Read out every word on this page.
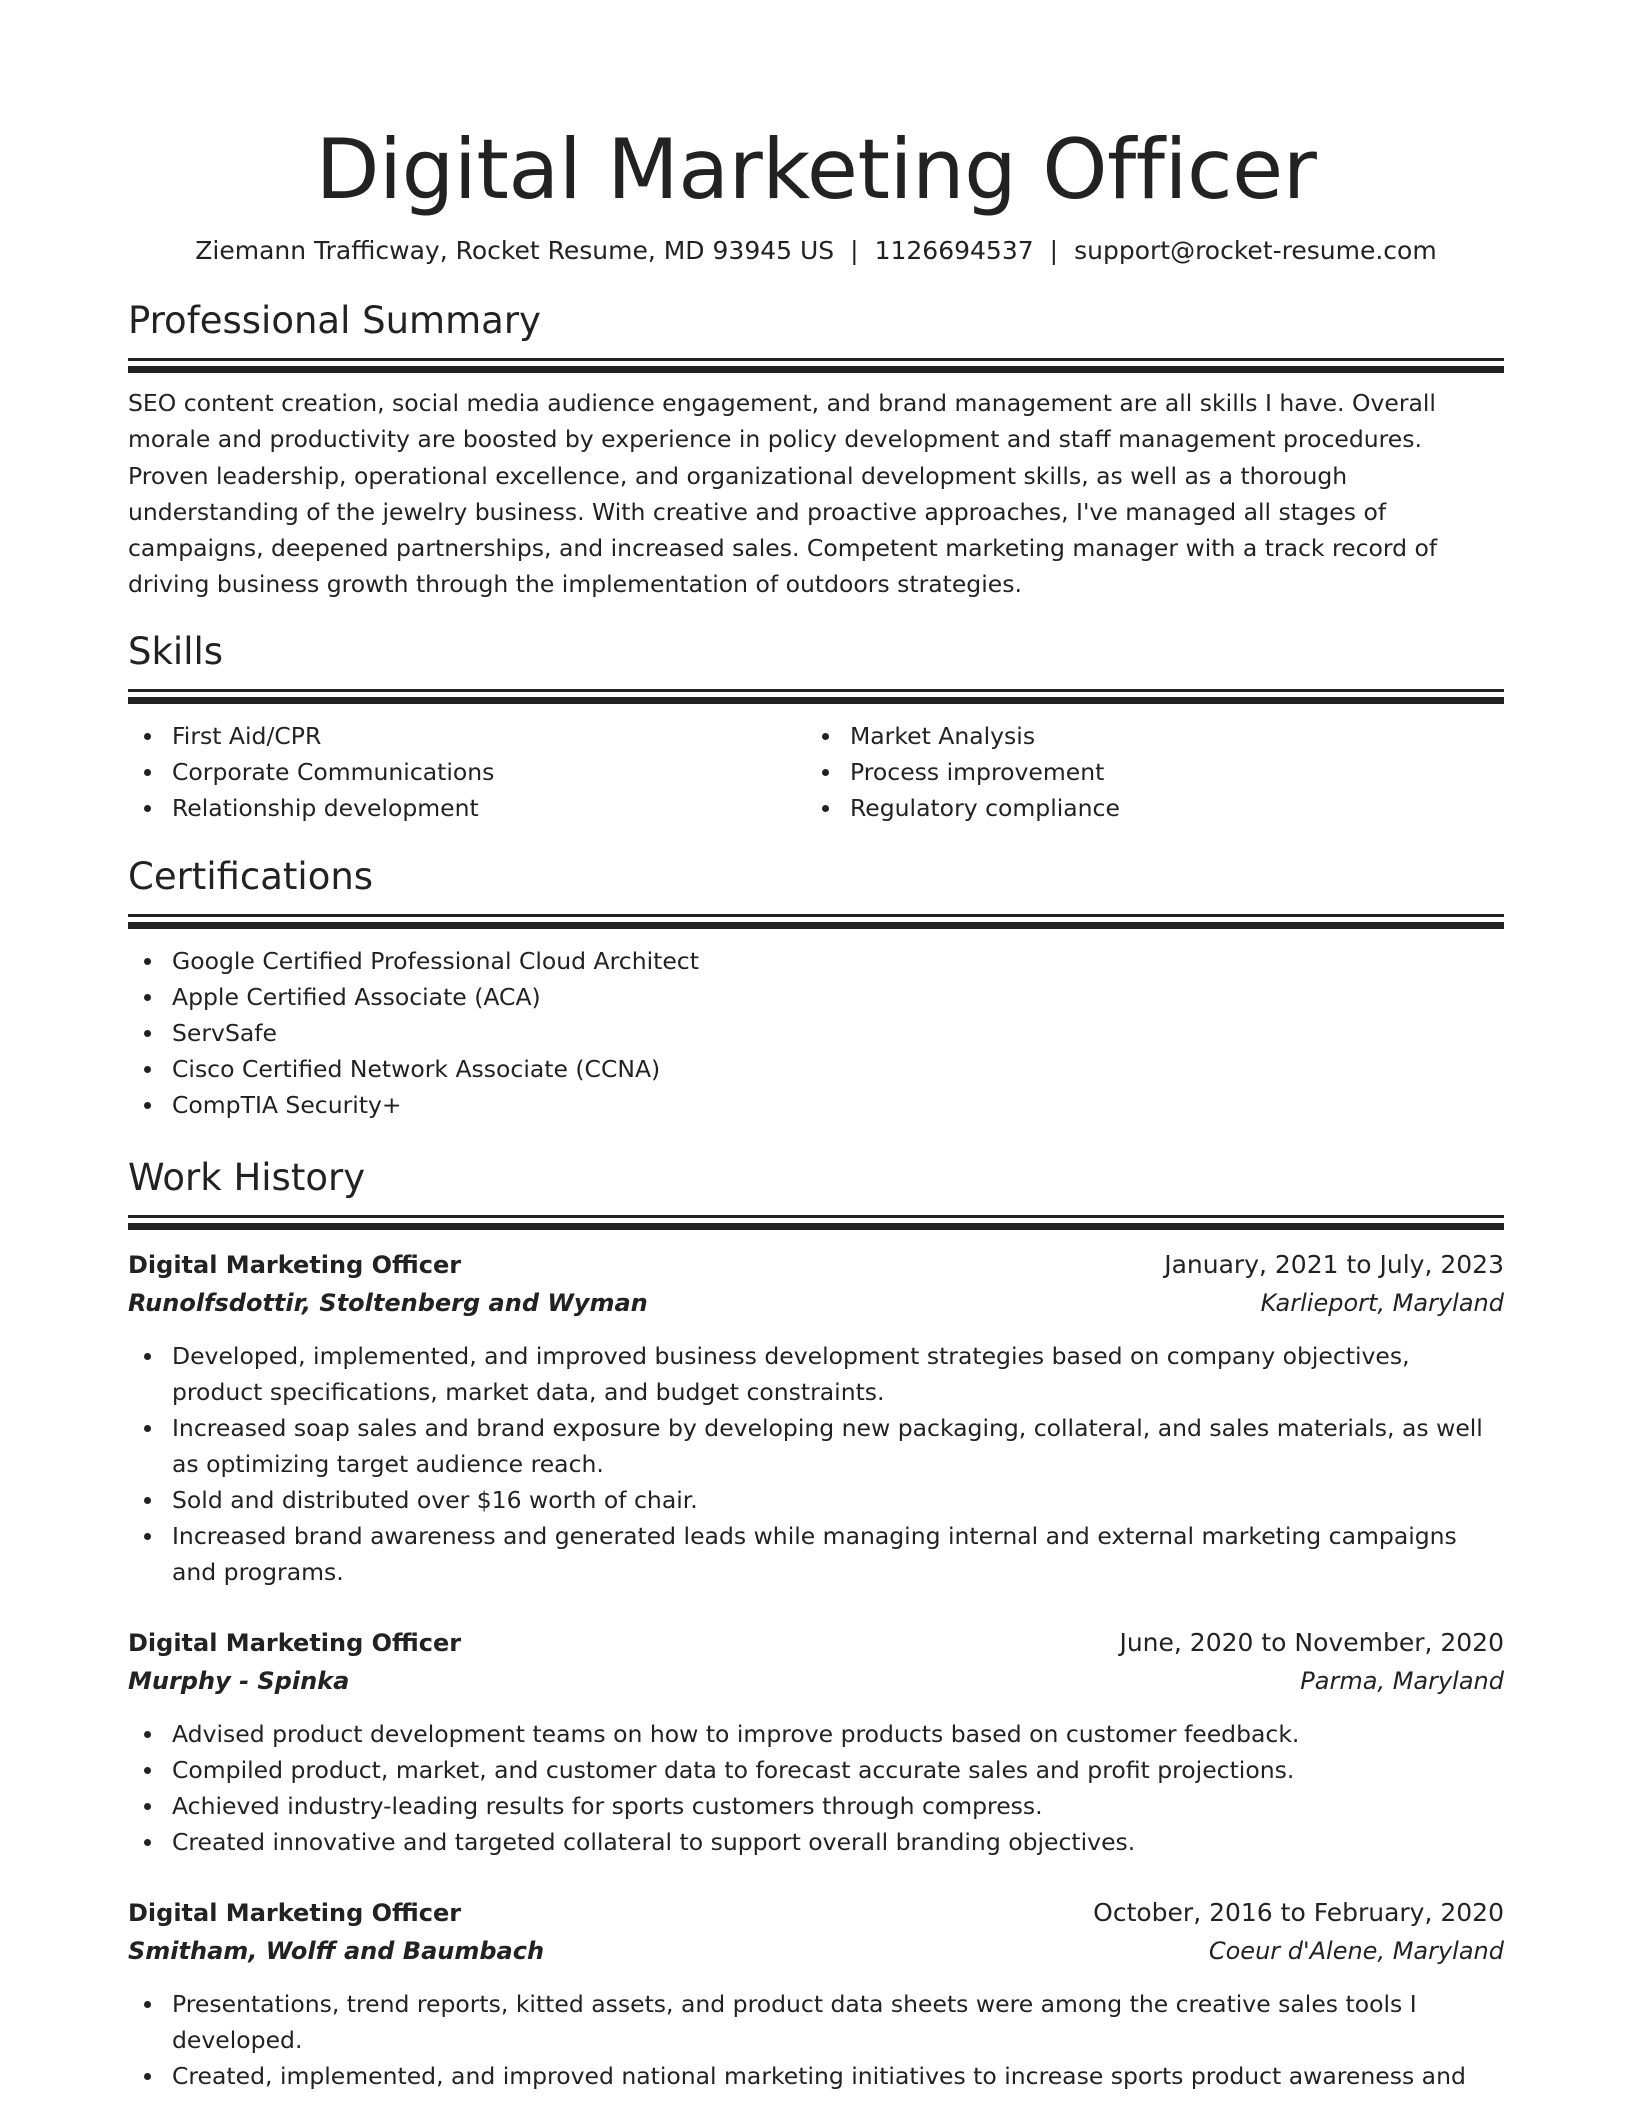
Digital Marketing Officer
Ziemann Trafficway, Rocket Resume, MD 93945 US | 1126694537 | support@rocket-resume.com
Professional Summary

SEO content creation, social media audience engagement, and brand management are all skills I have. Overall morale and productivity are boosted by experience in policy development and staff management procedures. Proven leadership, operational excellence, and organizational development skills, as well as a thorough understanding of the jewelry business. With creative and proactive approaches, I've managed all stages of campaigns, deepened partnerships, and increased sales. Competent marketing manager with a track record of driving business growth through the implementation of outdoors strategies.

Skills
First Aid/CPR
Corporate Communications
Relationship development
Market Analysis
Process improvement
Regulatory compliance
Certifications
Google Certified Professional Cloud Architect
Apple Certified Associate (ACA)
ServSafe
Cisco Certified Network Associate (CCNA)
CompTIA Security+
Work History
Digital Marketing Officer	January, 2021 to July, 2023
Runolfsdottir, Stoltenberg and Wyman	Karlieport, Maryland
Developed, implemented, and improved business development strategies based on company objectives, product specifications, market data, and budget constraints.
Increased soap sales and brand exposure by developing new packaging, collateral, and sales materials, as well as optimizing target audience reach.
Sold and distributed over $16 worth of chair.
Increased brand awareness and generated leads while managing internal and external marketing campaigns and programs.
Digital Marketing Officer	June, 2020 to November, 2020
Murphy - Spinka	Parma, Maryland
Advised product development teams on how to improve products based on customer feedback.
Compiled product, market, and customer data to forecast accurate sales and profit projections.
Achieved industry-leading results for sports customers through compress.
Created innovative and targeted collateral to support overall branding objectives.
Digital Marketing Officer	October, 2016 to February, 2020
Smitham, Wolff and Baumbach	Coeur d'Alene, Maryland
Presentations, trend reports, kitted assets, and product data sheets were among the creative sales tools I developed.
Created, implemented, and improved national marketing initiatives to increase sports product awareness and
